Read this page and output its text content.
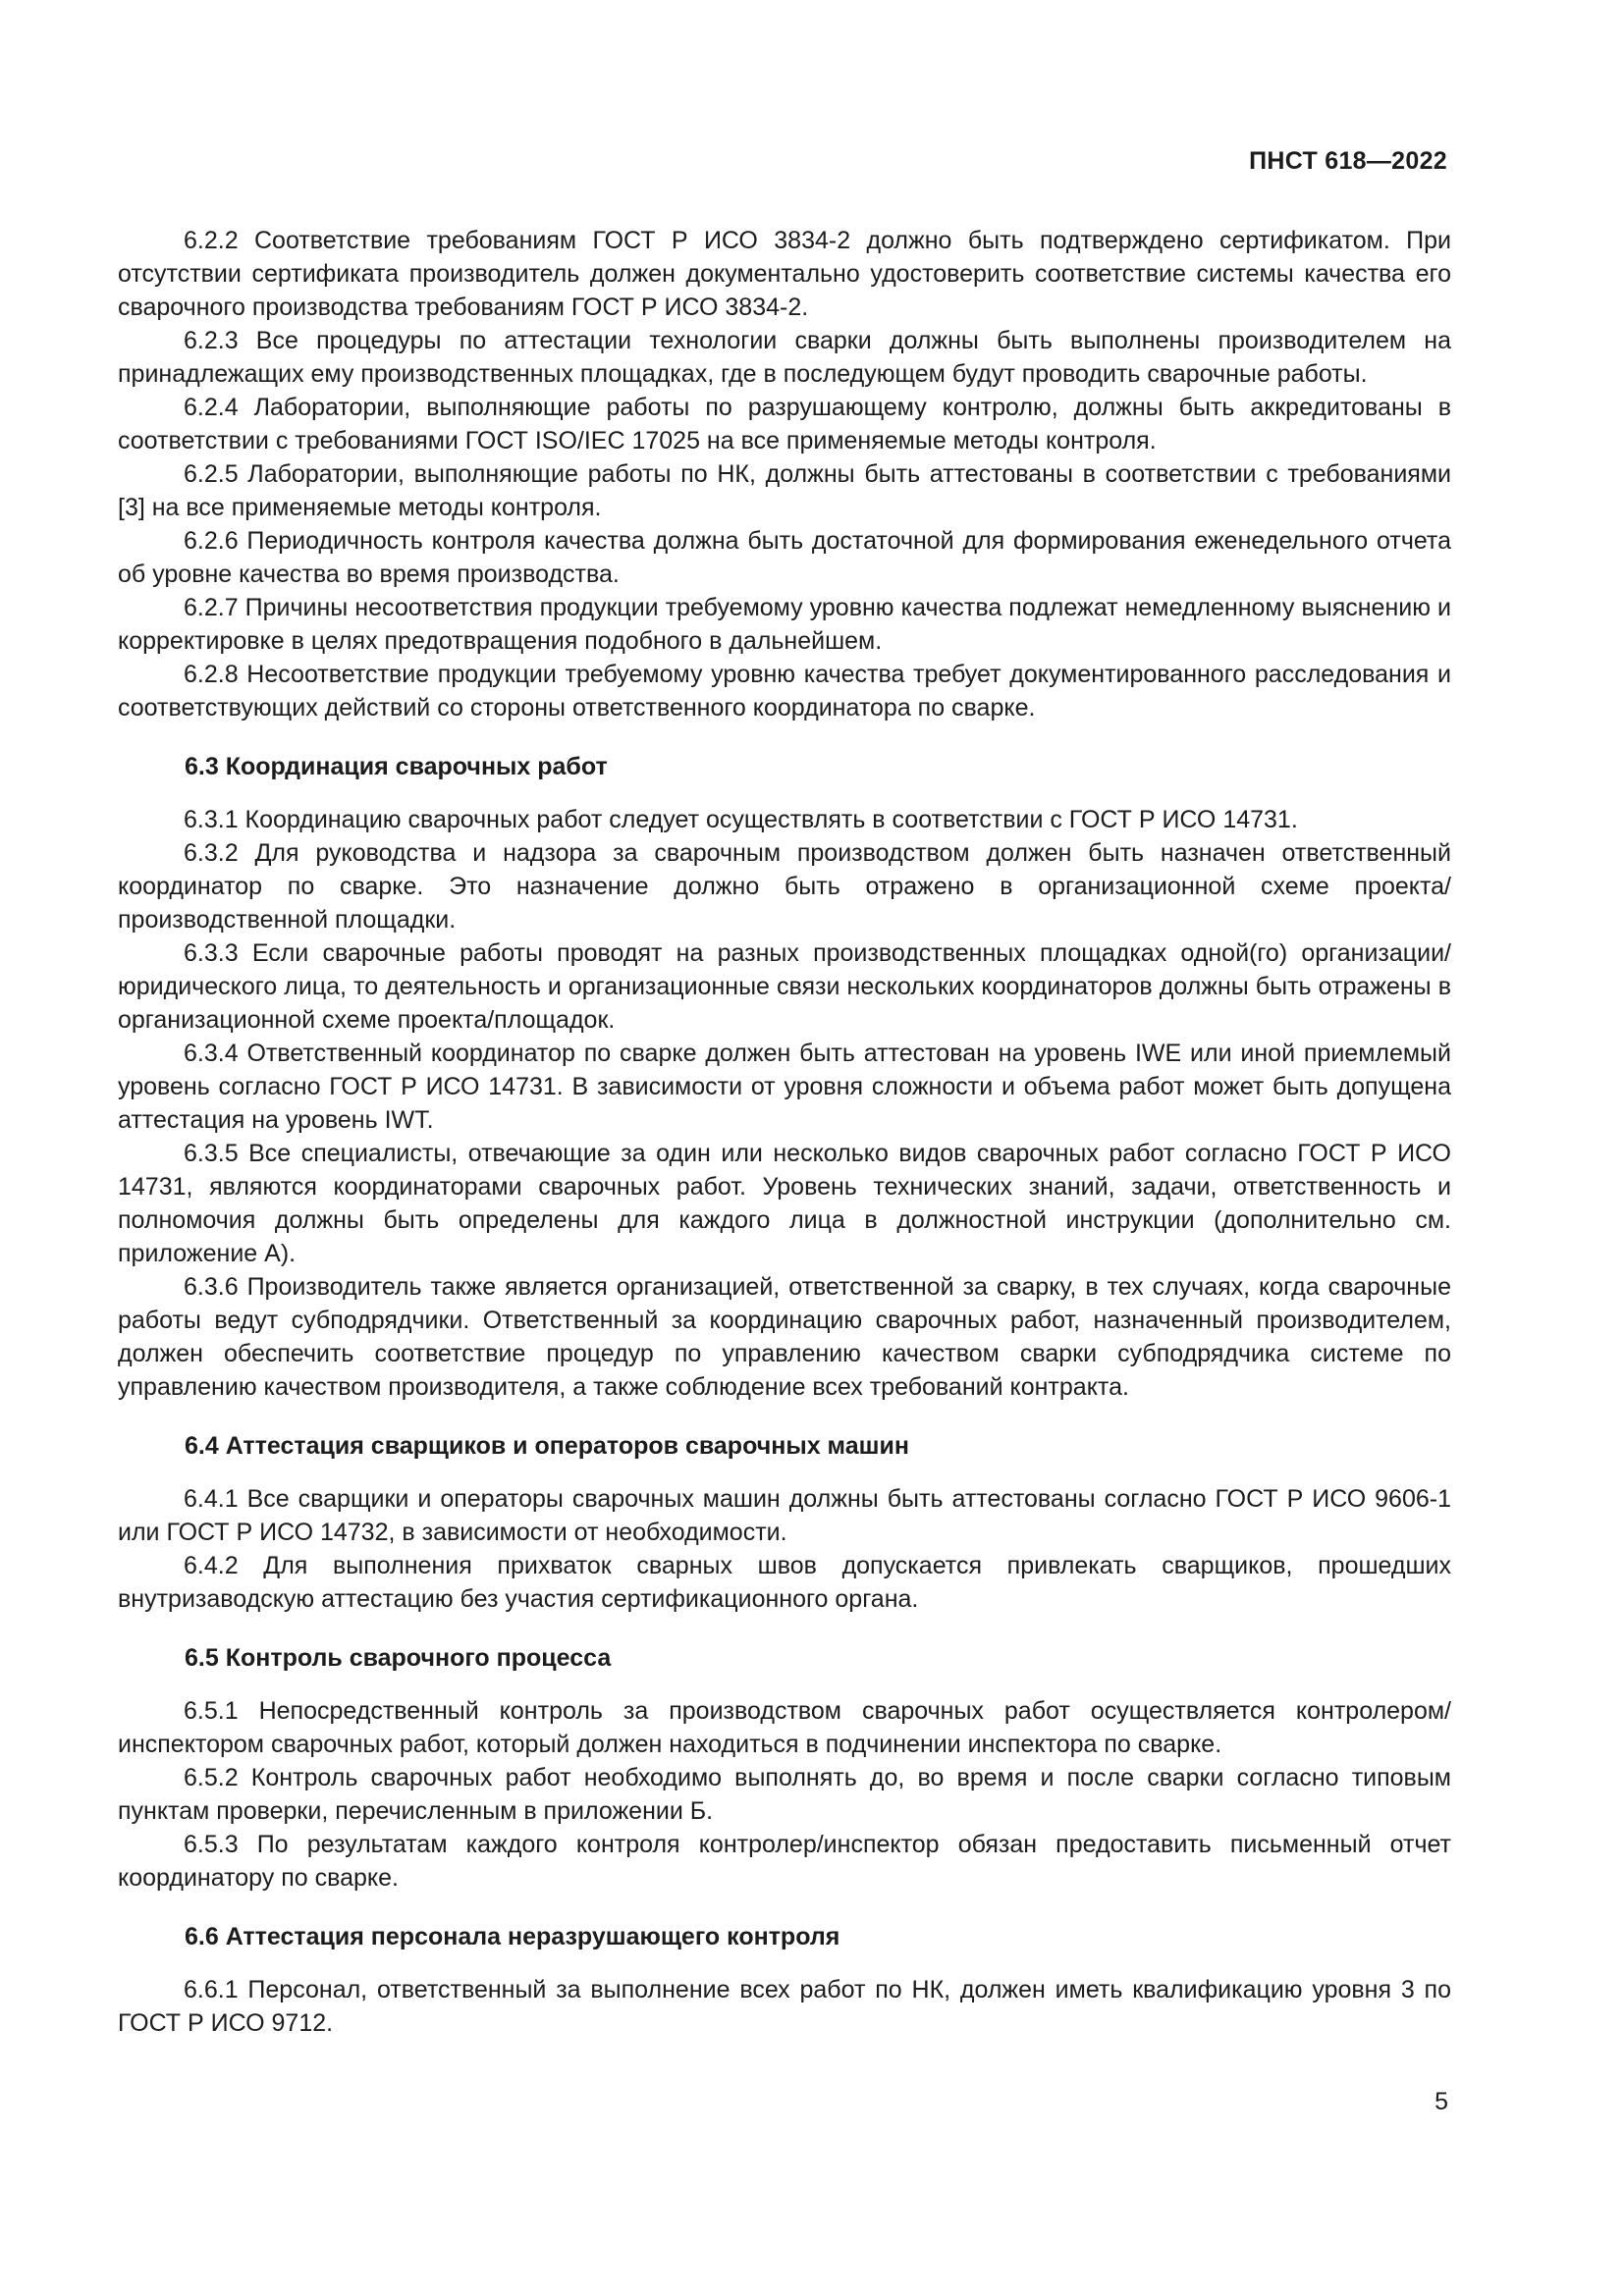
ПНСТ 618—2022

6.2.2 Соответствие требованиям ГОСТ Р ИСО 3834-2 должно быть подтверждено сертификатом. При отсутствии сертификата производитель должен документально удостоверить соответствие системы качества его сварочного производства требованиям ГОСТ Р ИСО 3834-2.

6.2.3 Все процедуры по аттестации технологии сварки должны быть выполнены производителем на принадлежащих ему производственных площадках, где в последующем будут проводить сварочные работы.

6.2.4 Лаборатории, выполняющие работы по разрушающему контролю, должны быть аккредитованы в соответствии с требованиями ГОСТ ISO/IEC 17025 на все применяемые методы контроля.

6.2.5 Лаборатории, выполняющие работы по НК, должны быть аттестованы в соответствии с требованиями [3] на все применяемые методы контроля.

6.2.6 Периодичность контроля качества должна быть достаточной для формирования еженедельного отчета об уровне качества во время производства.

6.2.7 Причины несоответствия продукции требуемому уровню качества подлежат немедленному выяснению и корректировке в целях предотвращения подобного в дальнейшем.

6.2.8 Несоответствие продукции требуемому уровню качества требует документированного расследования и соответствующих действий со стороны ответственного координатора по сварке.

6.3 Координация сварочных работ

6.3.1 Координацию сварочных работ следует осуществлять в соответствии с ГОСТ Р ИСО 14731.

6.3.2 Для руководства и надзора за сварочным производством должен быть назначен ответственный координатор по сварке. Это назначение должно быть отражено в организационной схеме проекта/ производственной площадки.

6.3.3 Если сварочные работы проводят на разных производственных площадках одной(го) организации/юридического лица, то деятельность и организационные связи нескольких координаторов должны быть отражены в организационной схеме проекта/площадок.

6.3.4 Ответственный координатор по сварке должен быть аттестован на уровень IWE или иной приемлемый уровень согласно ГОСТ Р ИСО 14731. В зависимости от уровня сложности и объема работ может быть допущена аттестация на уровень IWT.

6.3.5 Все специалисты, отвечающие за один или несколько видов сварочных работ согласно ГОСТ Р ИСО 14731, являются координаторами сварочных работ. Уровень технических знаний, задачи, ответственность и полномочия должны быть определены для каждого лица в должностной инструкции (дополнительно см. приложение А).

6.3.6 Производитель также является организацией, ответственной за сварку, в тех случаях, когда сварочные работы ведут субподрядчики. Ответственный за координацию сварочных работ, назначенный производителем, должен обеспечить соответствие процедур по управлению качеством сварки субподрядчика системе по управлению качеством производителя, а также соблюдение всех требований контракта.

6.4 Аттестация сварщиков и операторов сварочных машин

6.4.1 Все сварщики и операторы сварочных машин должны быть аттестованы согласно ГОСТ Р ИСО 9606-1 или ГОСТ Р ИСО 14732, в зависимости от необходимости.

6.4.2 Для выполнения прихваток сварных швов допускается привлекать сварщиков, прошедших внутризаводскую аттестацию без участия сертификационного органа.

6.5 Контроль сварочного процесса

6.5.1 Непосредственный контроль за производством сварочных работ осуществляется контролером/инспектором сварочных работ, который должен находиться в подчинении инспектора по сварке.

6.5.2 Контроль сварочных работ необходимо выполнять до, во время и после сварки согласно типовым пунктам проверки, перечисленным в приложении Б.

6.5.3 По результатам каждого контроля контролер/инспектор обязан предоставить письменный отчет координатору по сварке.

6.6 Аттестация персонала неразрушающего контроля

6.6.1 Персонал, ответственный за выполнение всех работ по НК, должен иметь квалификацию уровня 3 по ГОСТ Р ИСО 9712.

5
